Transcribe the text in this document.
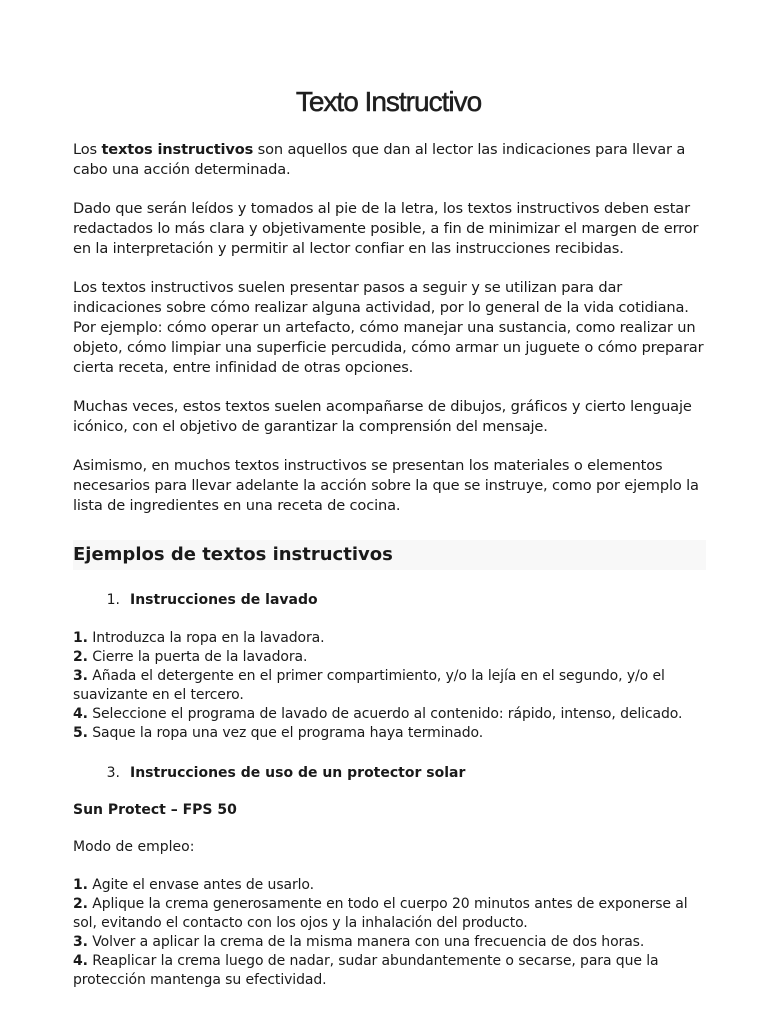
Texto Instructivo

Los textos instructivos son aquellos que dan al lector las indicaciones para llevar a cabo una acción determinada.

Dado que serán leídos y tomados al pie de la letra, los textos instructivos deben estar redactados lo más clara y objetivamente posible, a fin de minimizar el margen de error en la interpretación y permitir al lector confiar en las instrucciones recibidas.

Los textos instructivos suelen presentar pasos a seguir y se utilizan para dar indicaciones sobre cómo realizar alguna actividad, por lo general de la vida cotidiana. Por ejemplo: cómo operar un artefacto, cómo manejar una sustancia, como realizar un objeto, cómo limpiar una superficie percudida, cómo armar un juguete o cómo preparar cierta receta, entre infinidad de otras opciones.

Muchas veces, estos textos suelen acompañarse de dibujos, gráficos y cierto lenguaje icónico, con el objetivo de garantizar la comprensión del mensaje.

Asimismo, en muchos textos instructivos se presentan los materiales o elementos necesarios para llevar adelante la acción sobre la que se instruye, como por ejemplo la lista de ingredientes en una receta de cocina.

Ejemplos de textos instructivos
1. Instrucciones de lavado
1. Introduzca la ropa en la lavadora.
2. Cierre la puerta de la lavadora.
3. Añada el detergente en el primer compartimiento, y/o la lejía en el segundo, y/o el suavizante en el tercero.
4. Seleccione el programa de lavado de acuerdo al contenido: rápido, intenso, delicado.
5. Saque la ropa una vez que el programa haya terminado.
3. Instrucciones de uso de un protector solar
Sun Protect – FPS 50
Modo de empleo:
1. Agite el envase antes de usarlo.
2. Aplique la crema generosamente en todo el cuerpo 20 minutos antes de exponerse al sol, evitando el contacto con los ojos y la inhalación del producto.
3. Volver a aplicar la crema de la misma manera con una frecuencia de dos horas.
4. Reaplicar la crema luego de nadar, sudar abundantemente o secarse, para que la protección mantenga su efectividad.
